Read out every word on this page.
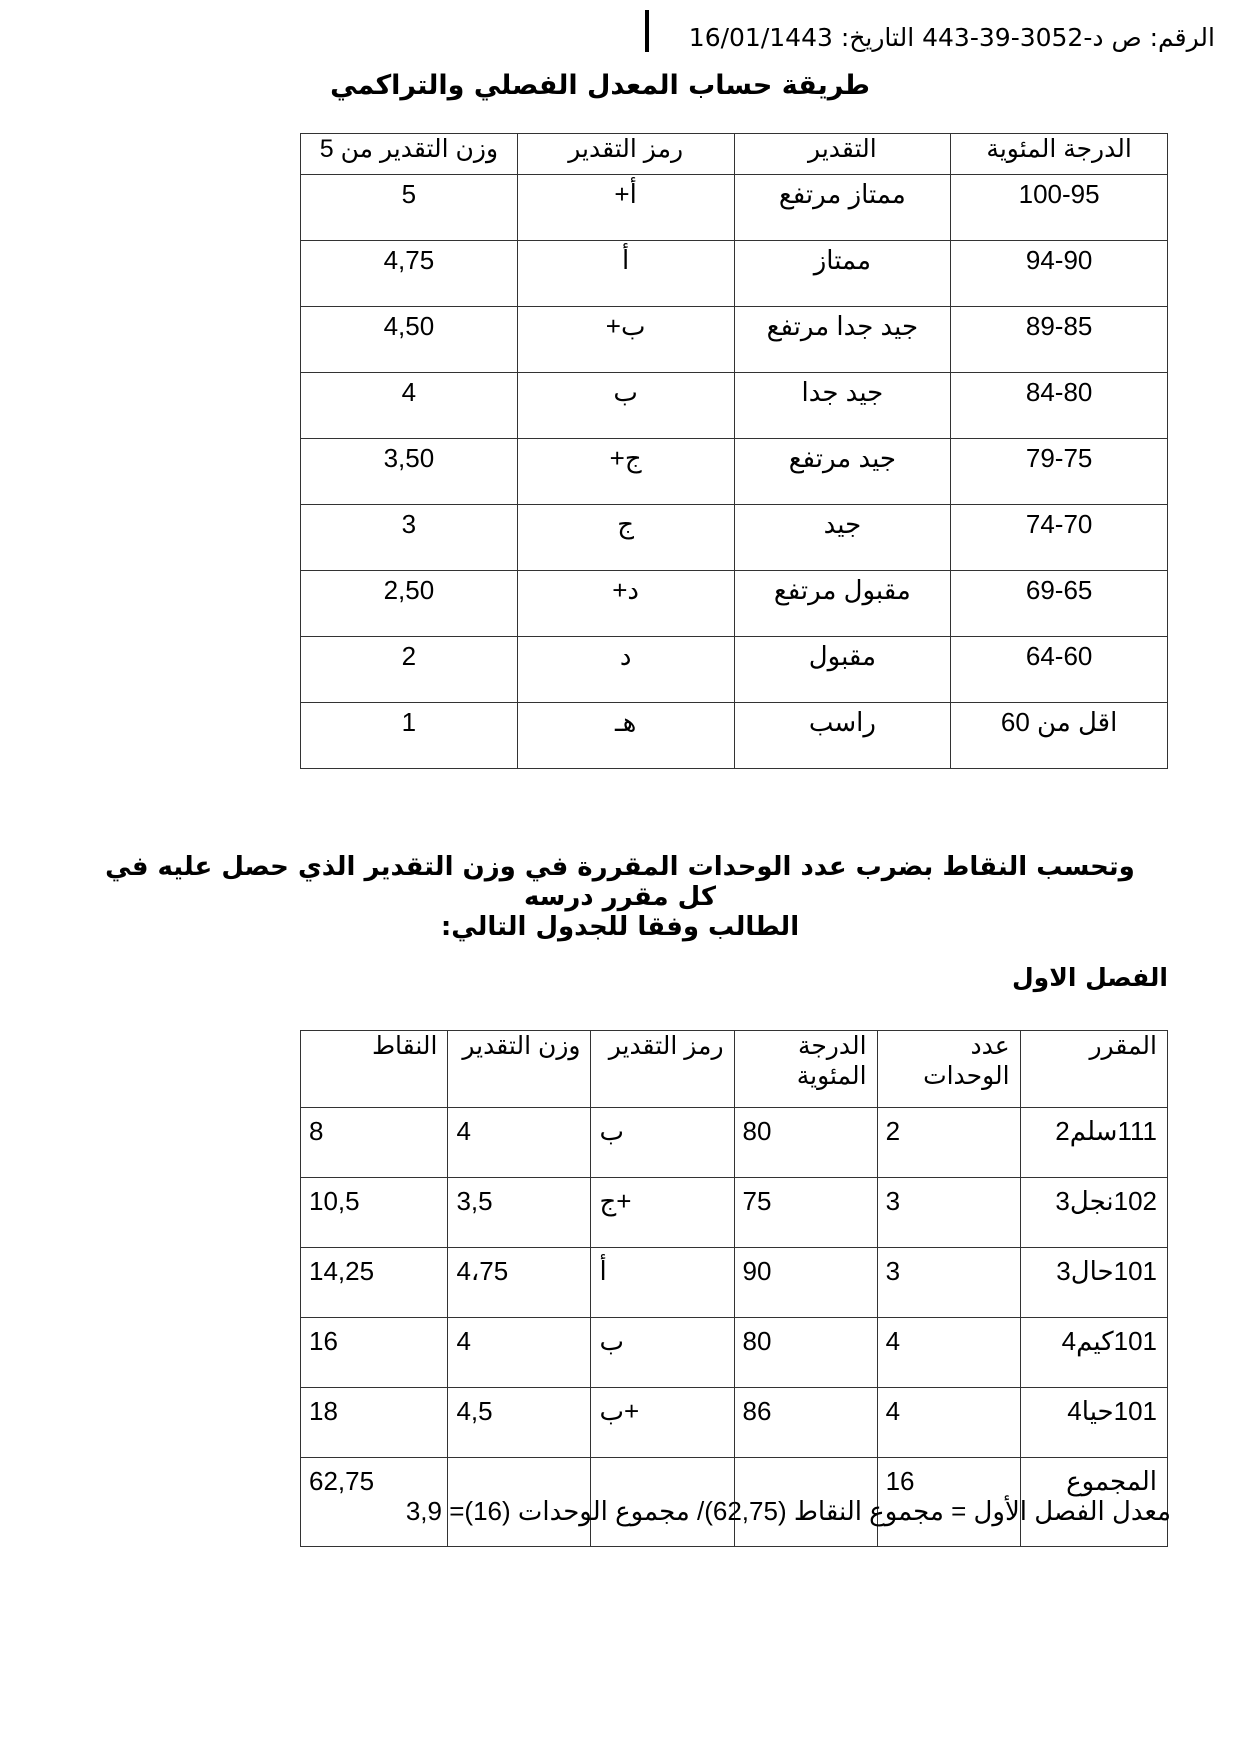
الرقم: ص د-3052-39-443 التاريخ: 16/01/1443
طريقة حساب المعدل الفصلي والتراكمي
الدرجة المئوية	التقدير	رمز التقدير	وزن التقدير من 5
100-95	ممتاز مرتفع	أ+	5
94-90	ممتاز	أ	4,75
89-85	جيد جدا مرتفع	ب+	4,50
84-80	جيد جدا	ب	4
79-75	جيد مرتفع	ج+	3,50
74-70	جيد	ج	3
69-65	مقبول مرتفع	د+	2,50
64-60	مقبول	د	2
اقل من 60	راسب	هـ	1
وتحسب النقاط بضرب عدد الوحدات المقررة في وزن التقدير الذي حصل عليه في كل مقرر درسه
الطالب وفقا للجدول التالي:
الفصل الاول
المقرر	عدد الوحدات	الدرجة المئوية	رمز التقدير	وزن التقدير	النقاط
111سلم2	2	80	ب	4	8
102نجل3	3	75	ج+	3,5	10,5
101حال3	3	90	أ	4،75	14,25
101كيم4	4	80	ب	4	16
101حيا4	4	86	ب+	4,5	18
المجموع	16				62,75
معدل الفصل الأول = مجموع النقاط (62,75)/ مجموع الوحدات (16)= 3,9
